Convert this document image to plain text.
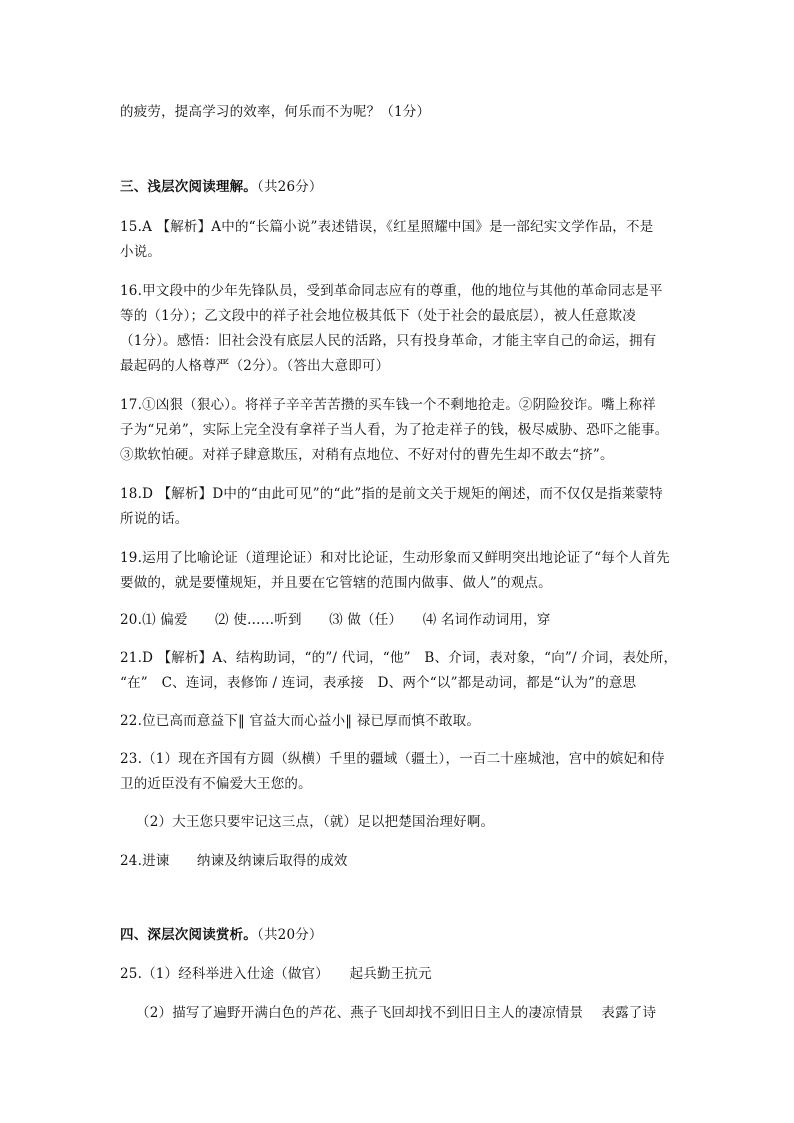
的疲劳，提高学习的效率，何乐而不为呢？（1分）
三、浅层次阅读理解。（共26分）
15.A 【解析】A中的“长篇小说”表述错误，《红星照耀中国》是一部纪实文学作品，不是
小说。
16.甲文段中的少年先锋队员，受到革命同志应有的尊重，他的地位与其他的革命同志是平
等的（1分）；乙文段中的祥子社会地位极其低下（处于社会的最底层），被人任意欺凌
（1分）。感悟：旧社会没有底层人民的活路，只有投身革命，才能主宰自己的命运，拥有
最起码的人格尊严（2分）。（答出大意即可）
17.①凶狠（狠心）。将祥子辛辛苦苦攒的买车钱一个不剩地抢走。②阴险狡诈。嘴上称祥
子为“兄弟”，实际上完全没有拿祥子当人看，为了抢走祥子的钱，极尽威胁、恐吓之能事。
③欺软怕硬。对祥子肆意欺压，对稍有点地位、不好对付的曹先生却不敢去“挤”。
18.D 【解析】D中的“由此可见”的“此”指的是前文关于规矩的阐述，而不仅仅是指莱蒙特
所说的话。
19.运用了比喻论证（道理论证）和对比论证，生动形象而又鲜明突出地论证了“每个人首先
要做的，就是要懂规矩，并且要在它管辖的范围内做事、做人”的观点。
20.⑴ 偏爱　　⑵ 使……听到　　⑶ 做（任）　　⑷ 名词作动词用，穿
21.D 【解析】A、结构助词，“的”/ 代词，“他”　B、介词，表对象，“向”/ 介词，表处所，
“在”　C、连词，表修饰 / 连词，表承接　D、两个“以”都是动词，都是“认为”的意思
22.位已高而意益下‖ 官益大而心益小‖ 禄已厚而慎不敢取。
23.（1）现在齐国有方圆（纵横）千里的疆域（疆土），一百二十座城池，宫中的嫔妃和侍
卫的近臣没有不偏爱大王您的。
（2）大王您只要牢记这三点，（就）足以把楚国治理好啊。
24.进谏　　纳谏及纳谏后取得的成效
四、深层次阅读赏析。（共20分）
25.（1）经科举进入仕途（做官）　　起兵勤王抗元
（2）描写了遍野开满白色的芦花、燕子飞回却找不到旧日主人的凄凉情景　 表露了诗
